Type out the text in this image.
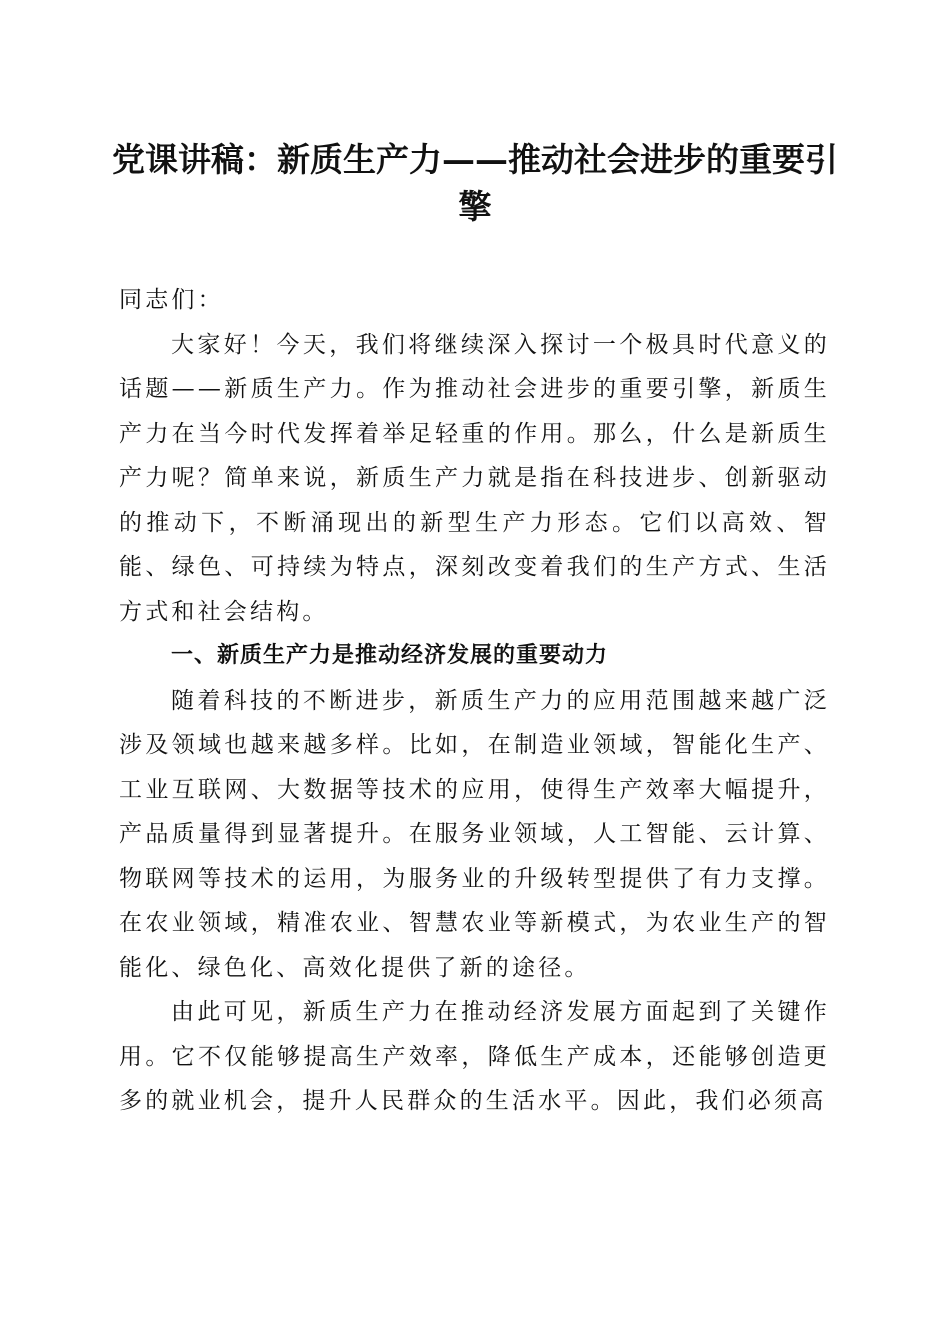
党课讲稿：新质生产力——推动社会进步的重要引擎

同志们：

大家好！今天，我们将继续深入探讨一个极具时代意义的话题——新质生产力。作为推动社会进步的重要引擎，新质生产力在当今时代发挥着举足轻重的作用。那么，什么是新质生产力呢？简单来说，新质生产力就是指在科技进步、创新驱动的推动下，不断涌现出的新型生产力形态。它们以高效、智能、绿色、可持续为特点，深刻改变着我们的生产方式、生活方式和社会结构。

一、新质生产力是推动经济发展的重要动力

随着科技的不断进步，新质生产力的应用范围越来越广泛涉及领域也越来越多样。比如，在制造业领域，智能化生产、工业互联网、大数据等技术的应用，使得生产效率大幅提升，产品质量得到显著提升。在服务业领域，人工智能、云计算、物联网等技术的运用，为服务业的升级转型提供了有力支撑。在农业领域，精准农业、智慧农业等新模式，为农业生产的智能化、绿色化、高效化提供了新的途径。

由此可见，新质生产力在推动经济发展方面起到了关键作用。它不仅能够提高生产效率，降低生产成本，还能够创造更多的就业机会，提升人民群众的生活水平。因此，我们必须高
